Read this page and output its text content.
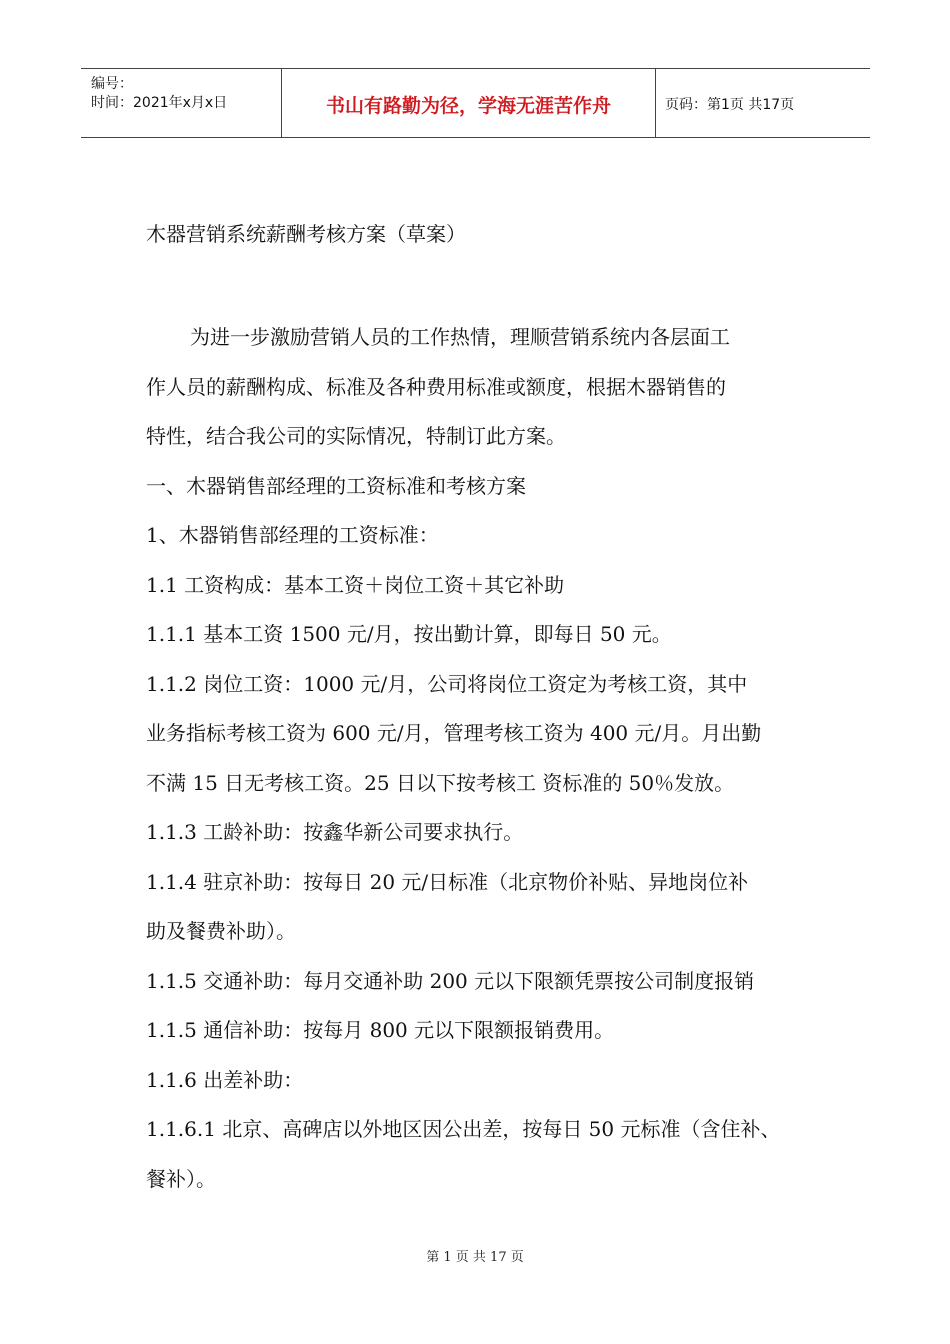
编号：
时间：2021年x月x日	书山有路勤为径，学海无涯苦作舟	页码：第1页 共17页
木器营销系统薪酬考核方案（草案）

为进一步激励营销人员的工作热情，理顺营销系统内各层面工

作人员的薪酬构成、标准及各种费用标准或额度，根据木器销售的

特性，结合我公司的实际情况，特制订此方案。

一、木器销售部经理的工资标准和考核方案

1、木器销售部经理的工资标准：

1.1 工资构成：基本工资＋岗位工资＋其它补助

1.1.1 基本工资 1500 元/月，按出勤计算，即每日 50 元。

1.1.2 岗位工资：1000 元/月，公司将岗位工资定为考核工资，其中

业务指标考核工资为 600 元/月，管理考核工资为 400 元/月。月出勤

不满 15 日无考核工资。25 日以下按考核工 资标准的 50％发放。

1.1.3 工龄补助：按鑫华新公司要求执行。

1.1.4 驻京补助：按每日 20 元/日标准（北京物价补贴、异地岗位补

助及餐费补助）。

1.1.5 交通补助：每月交通补助 200 元以下限额凭票按公司制度报销

1.1.5 通信补助：按每月 800 元以下限额报销费用。

1.1.6 出差补助：

1.1.6.1 北京、高碑店以外地区因公出差，按每日 50 元标准（含住补、

餐补）。

第 1 页 共 17 页
